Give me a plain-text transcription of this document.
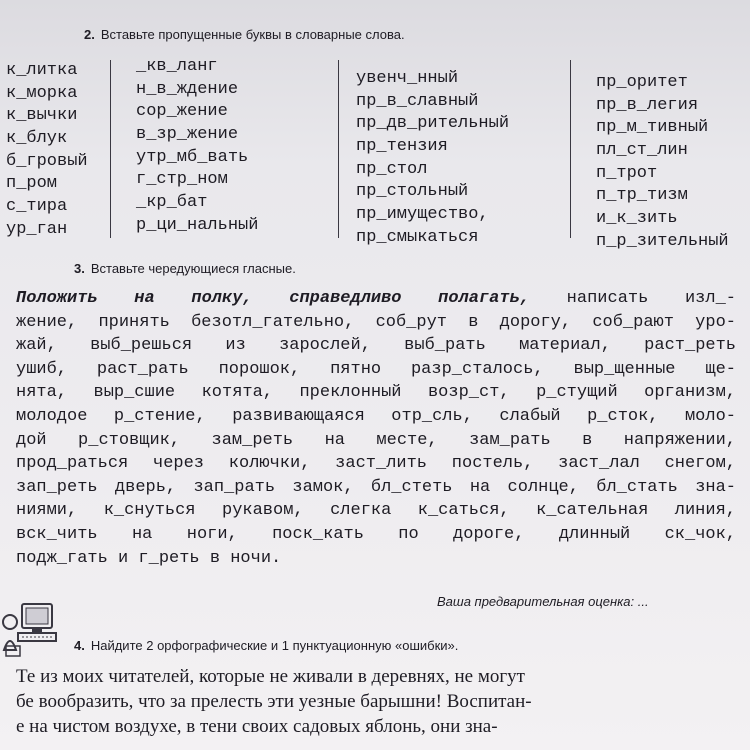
2. Вставьте пропущенные буквы в словарные слова.
к_литка
к_морка
к_вычки
к_блук
б_гровый
п_ром
с_тира
ур_ган
_кв_ланг
н_в_ждение
сор_жение
в_зр_жение
утр_мб_вать
г_стр_ном
_кр_бат
р_ци_нальный
увенч_нный
пр_в_славный
пр_дв_рительный
пр_тензия
пр_стол
пр_стольный
пр_имущество,
пр_смыкаться
пр_оритет
пр_в_легия
пр_м_тивный
пл_ст_лин
п_трот
п_тр_тизм
и_к_зить
п_р_зительный
3. Вставьте чередующиеся гласные.
Положить на полку, справедливо полагать, написать изл_-
жение, принять безотл_гательно, соб_рут в дорогу, соб_рают уро-
жай, выб_решься из зарослей, выб_рать материал, раст_реть
ушиб, раст_рать порошок, пятно разр_сталось, выр_щенные ще-
нята, выр_сшие котята, преклонный возр_ст, р_стущий организм,
молодое р_стение, развивающаяся отр_сль, слабый р_сток, моло-
дой р_стовщик, зам_реть на месте, зам_рать в напряжении,
прод_раться через колючки, заст_лить постель, заст_лал снегом,
зап_реть дверь, зап_рать замок, бл_стеть на солнце, бл_стать зна-
ниями, к_снуться рукавом, слегка к_саться, к_сательная линия,
вск_чить на ноги, поск_кать по дороге, длинный ск_чок,
подж_гать и г_реть в ночи.
Ваша предварительная оценка: ...
4. Найдите 2 орфографические и 1 пунктуационную «ошибки».
Те из моих читателей, которые не живали в деревнях, не могут
бе вообразить, что за прелесть эти уезные барышни! Воспитан-
е на чистом воздухе, в тени своих садовых яблонь, они зна-
